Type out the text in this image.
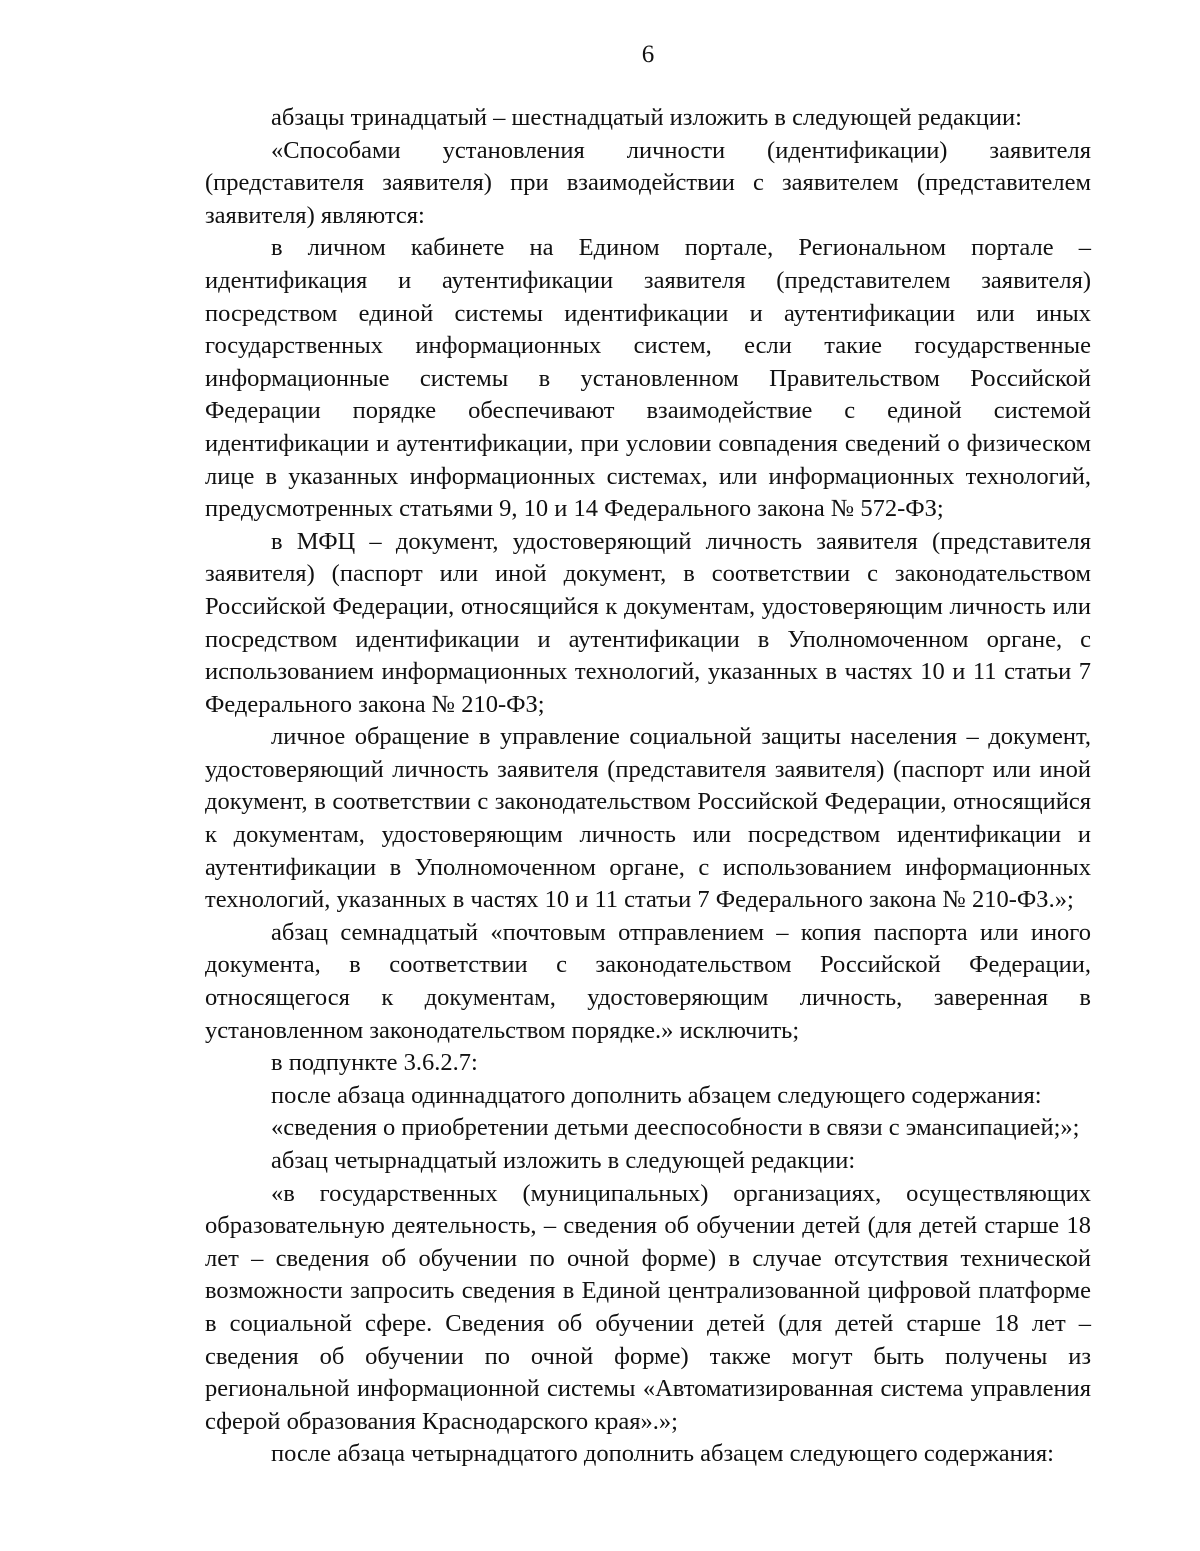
6

абзацы тринадцатый – шестнадцатый изложить в следующей редакции:

«Способами установления личности (идентификации) заявителя (представителя заявителя) при взаимодействии с заявителем (представителем заявителя) являются:

в личном кабинете на Едином портале, Региональном портале – идентификация и аутентификации заявителя (представителем заявителя) посредством единой системы идентификации и аутентификации или иных государственных информационных систем, если такие государственные информационные системы в установленном Правительством Российской Федерации порядке обеспечивают взаимодействие с единой системой идентификации и аутентификации, при условии совпадения сведений о физическом лице в указанных информационных системах, или информационных технологий, предусмотренных статьями 9, 10 и 14 Федерального закона № 572-ФЗ;

в МФЦ – документ, удостоверяющий личность заявителя (представителя заявителя) (паспорт или иной документ, в соответствии с законодательством Российской Федерации, относящийся к документам, удостоверяющим личность или посредством идентификации и аутентификации в Уполномоченном органе, с использованием информационных технологий, указанных в частях 10 и 11 статьи 7 Федерального закона № 210-ФЗ;

личное обращение в управление социальной защиты населения – документ, удостоверяющий личность заявителя (представителя заявителя) (паспорт или иной документ, в соответствии с законодательством Российской Федерации, относящийся к документам, удостоверяющим личность или посредством идентификации и аутентификации в Уполномоченном органе, с использованием информационных технологий, указанных в частях 10 и 11 статьи 7 Федерального закона № 210-ФЗ.»;

абзац семнадцатый «почтовым отправлением – копия паспорта или иного документа, в соответствии с законодательством Российской Федерации, относящегося к документам, удостоверяющим личность, заверенная в установленном законодательством порядке.» исключить;

в подпункте 3.6.2.7:

после абзаца одиннадцатого дополнить абзацем следующего содержания:

«сведения о приобретении детьми дееспособности в связи с эмансипацией;»;

абзац четырнадцатый изложить в следующей редакции:

«в государственных (муниципальных) организациях, осуществляющих образовательную деятельность, – сведения об обучении детей (для детей старше 18 лет – сведения об обучении по очной форме) в случае отсутствия технической возможности запросить сведения в Единой централизованной цифровой платформе в социальной сфере. Сведения об обучении детей (для детей старше 18 лет – сведения об обучении по очной форме) также могут быть получены из региональной информационной системы «Автоматизированная система управления сферой образования Краснодарского края».»;

после абзаца четырнадцатого дополнить абзацем следующего содержания:
